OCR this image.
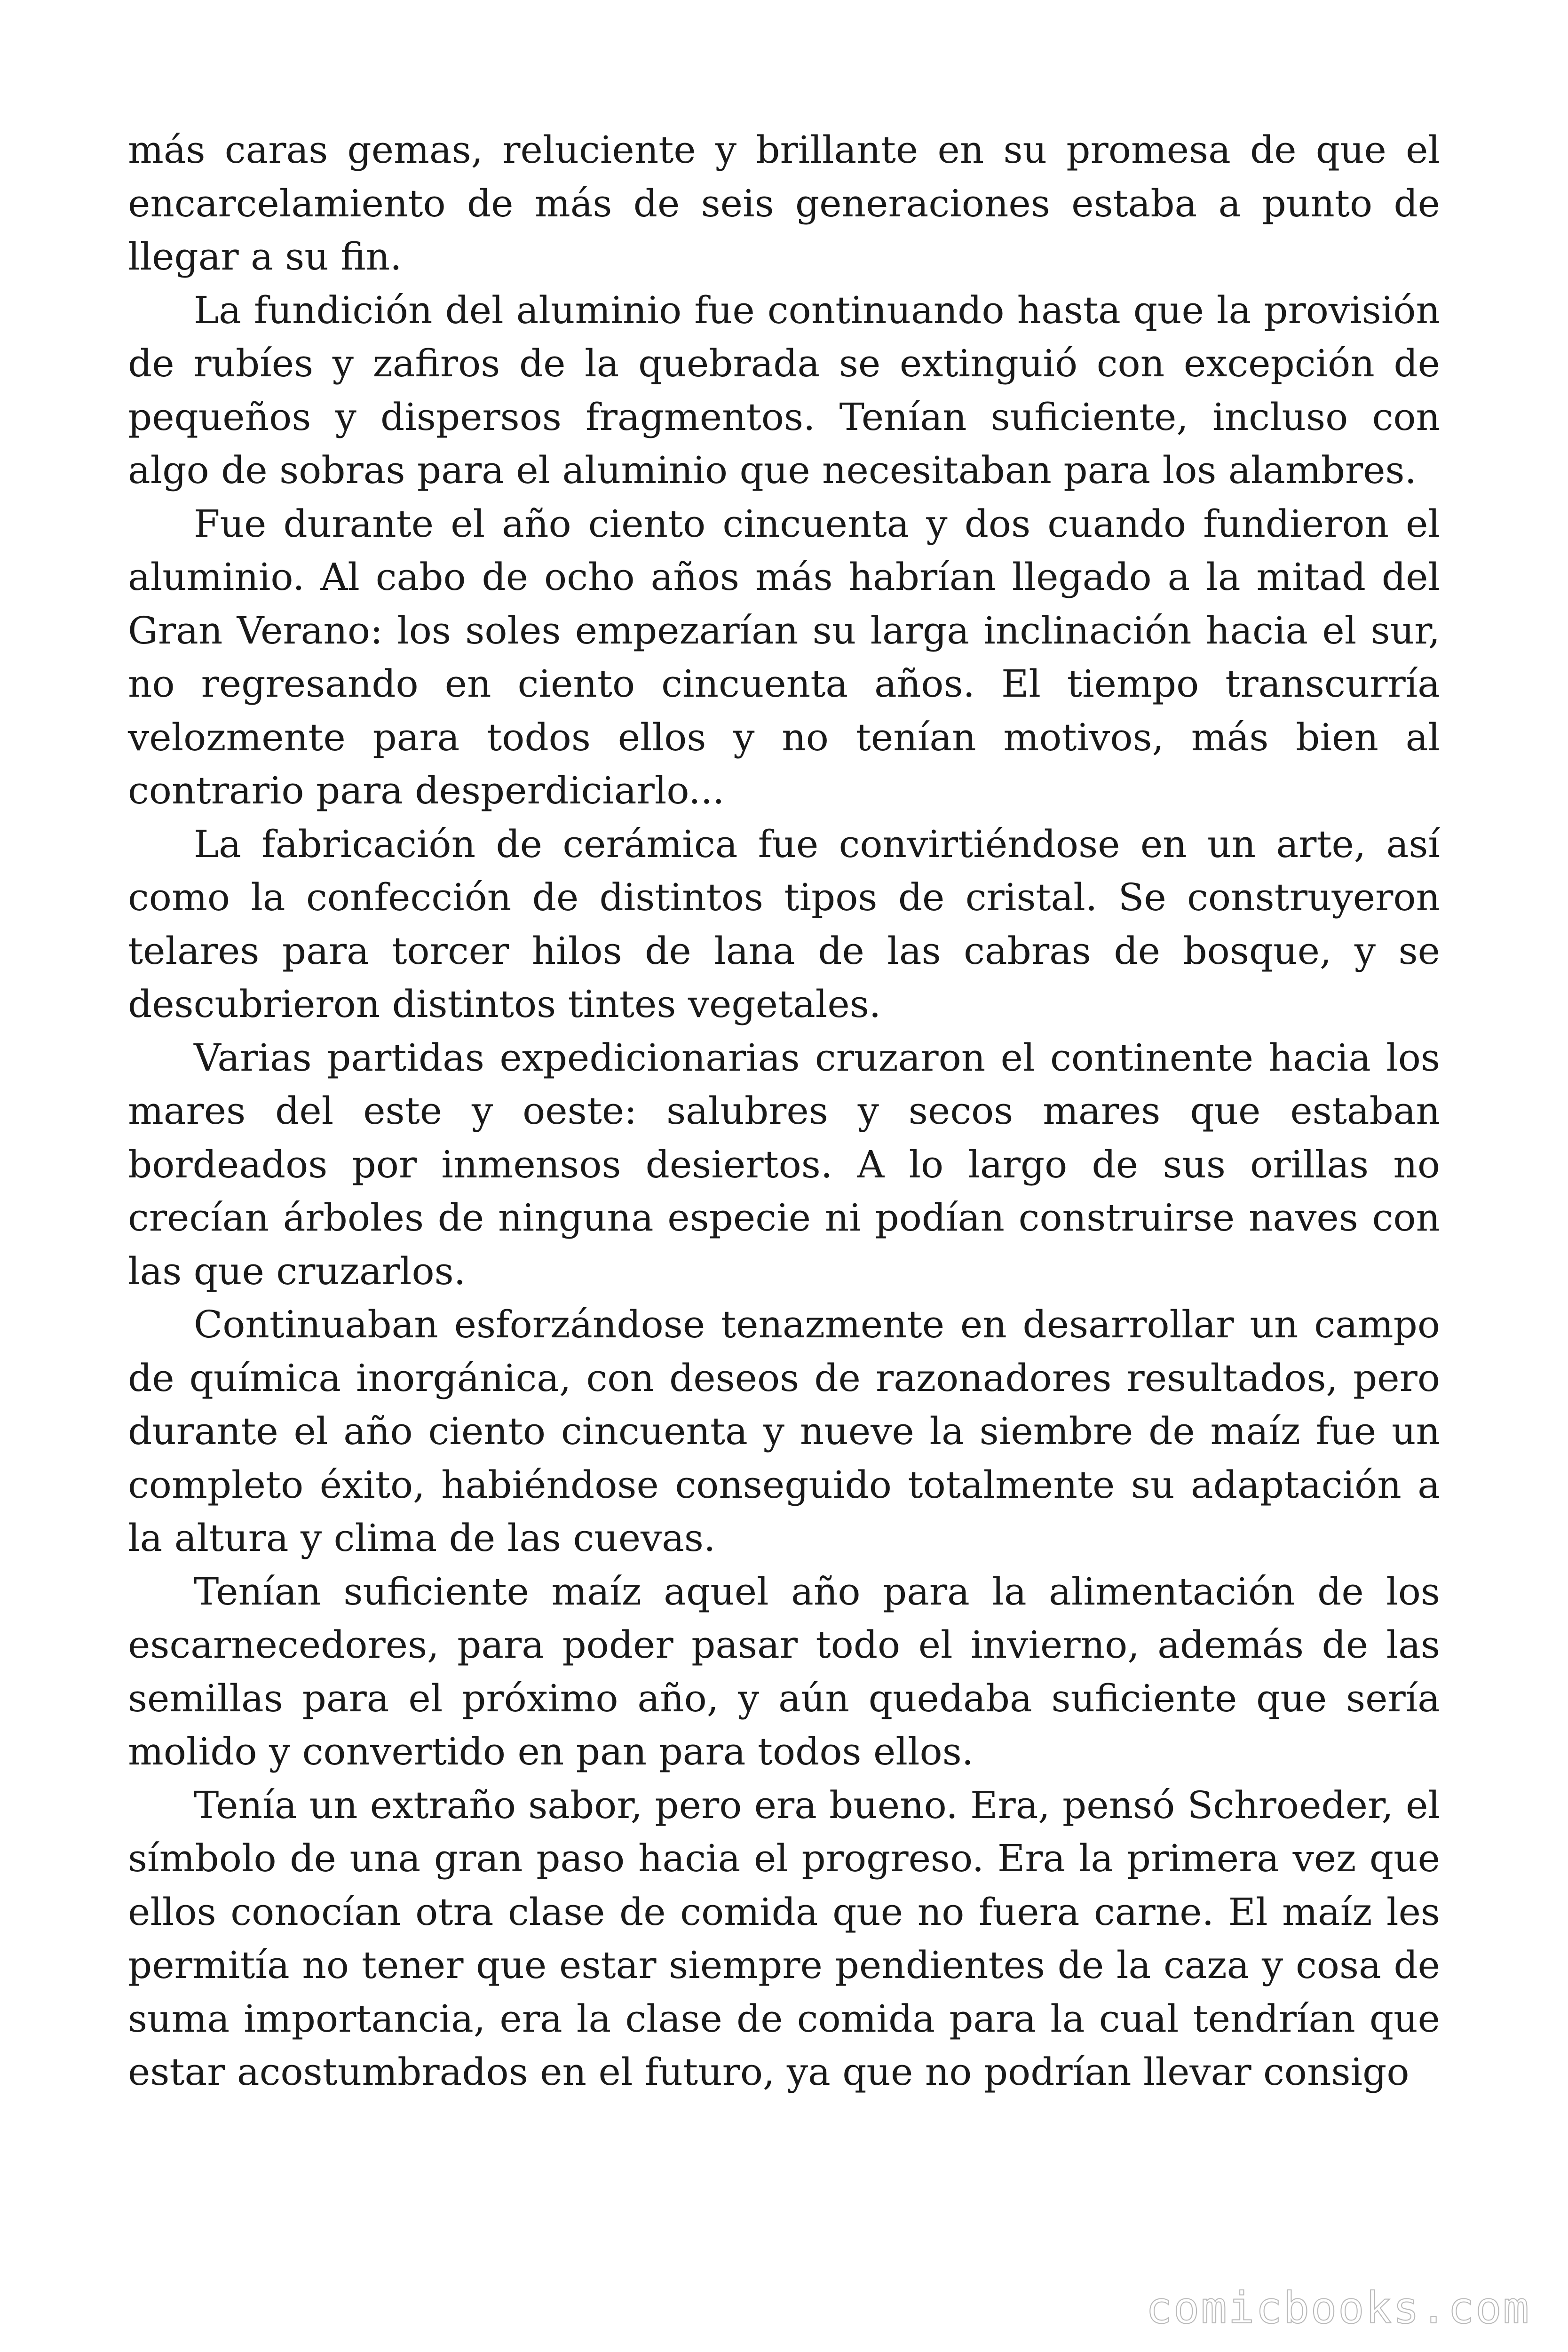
más caras gemas, reluciente y brillante en su promesa de que el encarcelamiento de más de seis generaciones estaba a punto de llegar a su fin.

La fundición del aluminio fue continuando hasta que la provisión de rubíes y zafiros de la quebrada se extinguió con excepción de pequeños y dispersos fragmentos. Tenían suficiente, incluso con algo de sobras para el aluminio que necesitaban para los alambres.

Fue durante el año ciento cincuenta y dos cuando fundieron el aluminio. Al cabo de ocho años más habrían llegado a la mitad del Gran Verano: los soles empezarían su larga inclinación hacia el sur, no regresando en ciento cincuenta años. El tiempo transcurría velozmente para todos ellos y no tenían motivos, más bien al contrario para desperdiciarlo...

La fabricación de cerámica fue convirtiéndose en un arte, así como la confección de distintos tipos de cristal. Se construyeron telares para torcer hilos de lana de las cabras de bosque, y se descubrieron distintos tintes vegetales.

Varias partidas expedicionarias cruzaron el continente hacia los mares del este y oeste: salubres y secos mares que estaban bordeados por inmensos desiertos. A lo largo de sus orillas no crecían árboles de ninguna especie ni podían construirse naves con las que cruzarlos.

Continuaban esforzándose tenazmente en desarrollar un campo de química inorgánica, con deseos de razonadores resultados, pero durante el año ciento cincuenta y nueve la siembre de maíz fue un completo éxito, habiéndose conseguido totalmente su adaptación a la altura y clima de las cuevas.

Tenían suficiente maíz aquel año para la alimentación de los escarnecedores, para poder pasar todo el invierno, además de las semillas para el próximo año, y aún quedaba suficiente que sería molido y convertido en pan para todos ellos.

Tenía un extraño sabor, pero era bueno. Era, pensó Schroeder, el símbolo de una gran paso hacia el progreso. Era la primera vez que ellos conocían otra clase de comida que no fuera carne. El maíz les permitía no tener que estar siempre pendientes de la caza y cosa de suma importancia, era la clase de comida para la cual tendrían que estar acostumbrados en el futuro, ya que no podrían llevar consigo

comicbooks.com
